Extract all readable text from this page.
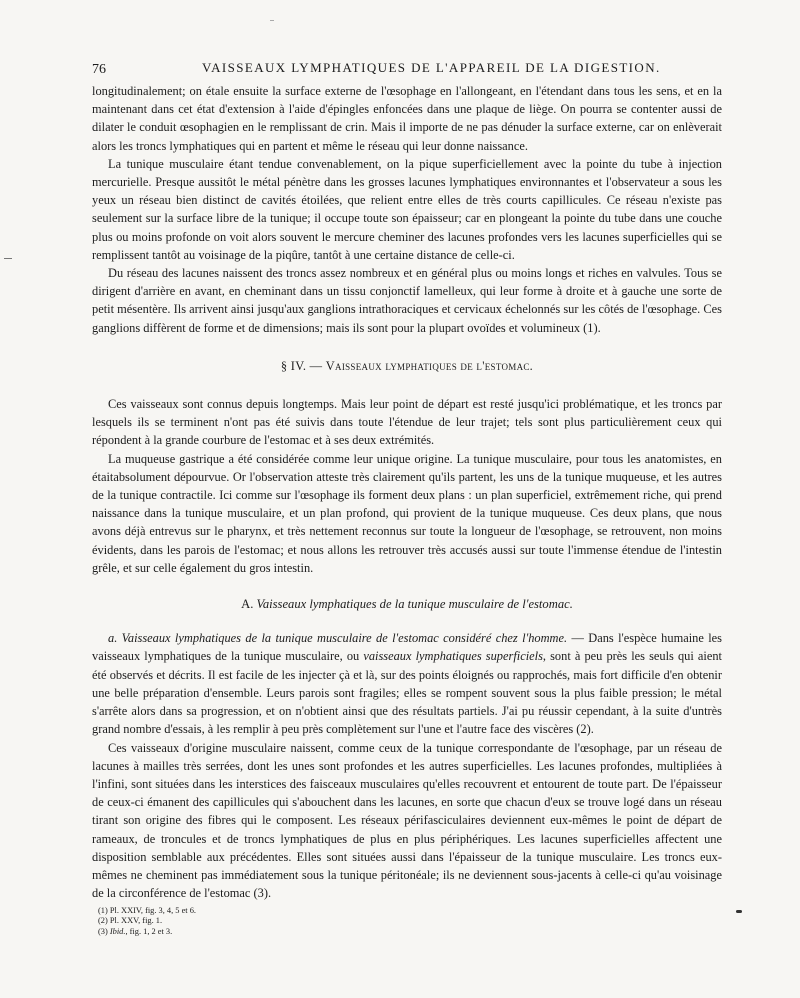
76	VAISSEAUX LYMPHATIQUES DE L'APPAREIL DE LA DIGESTION.

longitudinalement; on étale ensuite la surface externe de l'œsophage en l'allongeant, en l'étendant dans tous les sens, et en la maintenant dans cet état d'extension à l'aide d'épingles enfoncées dans une plaque de liège. On pourra se contenter aussi de dilater le conduit œsophagien en le remplissant de crin. Mais il importe de ne pas dénuder la surface externe, car on enlèverait alors les troncs lymphatiques qui en partent et même le réseau qui leur donne naissance.

La tunique musculaire étant tendue convenablement, on la pique superficiellement avec la pointe du tube à injection mercurielle. Presque aussitôt le métal pénètre dans les grosses lacunes lymphatiques environnantes et l'observateur a sous les yeux un réseau bien distinct de cavités étoilées, que relient entre elles de très courts capillicules. Ce réseau n'existe pas seulement sur la surface libre de la tunique; il occupe toute son épaisseur; car en plongeant la pointe du tube dans une couche plus ou moins profonde on voit alors souvent le mercure cheminer des lacunes profondes vers les lacunes superficielles qui se remplissent tantôt au voisinage de la piqûre, tantôt à une certaine distance de celle-ci.

Du réseau des lacunes naissent des troncs assez nombreux et en général plus ou moins longs et riches en valvules. Tous se dirigent d'arrière en avant, en cheminant dans un tissu conjonctif lamelleux, qui leur forme à droite et à gauche une sorte de petit mésentère. Ils arrivent ainsi jusqu'aux ganglions intrathoraciques et cervicaux échelonnés sur les côtés de l'œsophage. Ces ganglions diffèrent de forme et de dimensions; mais ils sont pour la plupart ovoïdes et volumineux (1).

§ IV. — Vaisseaux lymphatiques de l'estomac.

Ces vaisseaux sont connus depuis longtemps. Mais leur point de départ est resté jusqu'ici problématique, et les troncs par lesquels ils se terminent n'ont pas été suivis dans toute l'étendue de leur trajet; tels sont plus particulièrement ceux qui répondent à la grande courbure de l'estomac et à ses deux extrémités.

La muqueuse gastrique a été considérée comme leur unique origine. La tunique musculaire, pour tous les anatomistes, en étaitabsolument dépourvue. Or l'observation atteste très clairement qu'ils partent, les uns de la tunique muqueuse, et les autres de la tunique contractile. Ici comme sur l'œsophage ils forment deux plans : un plan superficiel, extrêmement riche, qui prend naissance dans la tunique musculaire, et un plan profond, qui provient de la tunique muqueuse. Ces deux plans, que nous avons déjà entrevus sur le pharynx, et très nettement reconnus sur toute la longueur de l'œsophage, se retrouvent, non moins évidents, dans les parois de l'estomac; et nous allons les retrouver très accusés aussi sur toute l'immense étendue de l'intestin grêle, et sur celle également du gros intestin.

A. Vaisseaux lymphatiques de la tunique musculaire de l'estomac.

a. Vaisseaux lymphatiques de la tunique musculaire de l'estomac considéré chez l'homme. — Dans l'espèce humaine les vaisseaux lymphatiques de la tunique musculaire, ou vaisseaux lymphatiques superficiels, sont à peu près les seuls qui aient été observés et décrits. Il est facile de les injecter çà et là, sur des points éloignés ou rapprochés, mais fort difficile d'en obtenir une belle préparation d'ensemble. Leurs parois sont fragiles; elles se rompent souvent sous la plus faible pression; le métal s'arrête alors dans sa progression, et on n'obtient ainsi que des résultats partiels. J'ai pu réussir cependant, à la suite d'untrès grand nombre d'essais, à les remplir à peu près complètement sur l'une et l'autre face des viscères (2).

Ces vaisseaux d'origine musculaire naissent, comme ceux de la tunique correspondante de l'œsophage, par un réseau de lacunes à mailles très serrées, dont les unes sont profondes et les autres superficielles. Les lacunes profondes, multipliées à l'infini, sont situées dans les interstices des faisceaux musculaires qu'elles recouvrent et entourent de toute part. De l'épaisseur de ceux-ci émanent des capillicules qui s'abouchent dans les lacunes, en sorte que chacun d'eux se trouve logé dans un réseau tirant son origine des fibres qui le composent. Les réseaux périfasciculaires deviennent eux-mêmes le point de départ de rameaux, de troncules et de troncs lymphatiques de plus en plus périphériques. Les lacunes superficielles affectent une disposition semblable aux précédentes. Elles sont situées aussi dans l'épaisseur de la tunique musculaire. Les troncs eux-mêmes ne cheminent pas immédiatement sous la tunique péritonéale; ils ne deviennent sous-jacents à celle-ci qu'au voisinage de la circonférence de l'estomac (3).

(1) Pl. XXIV, fig. 3, 4, 5 et 6.
(2) Pl. XXV, fig. 1.
(3) Ibid., fig. 1, 2 et 3.
